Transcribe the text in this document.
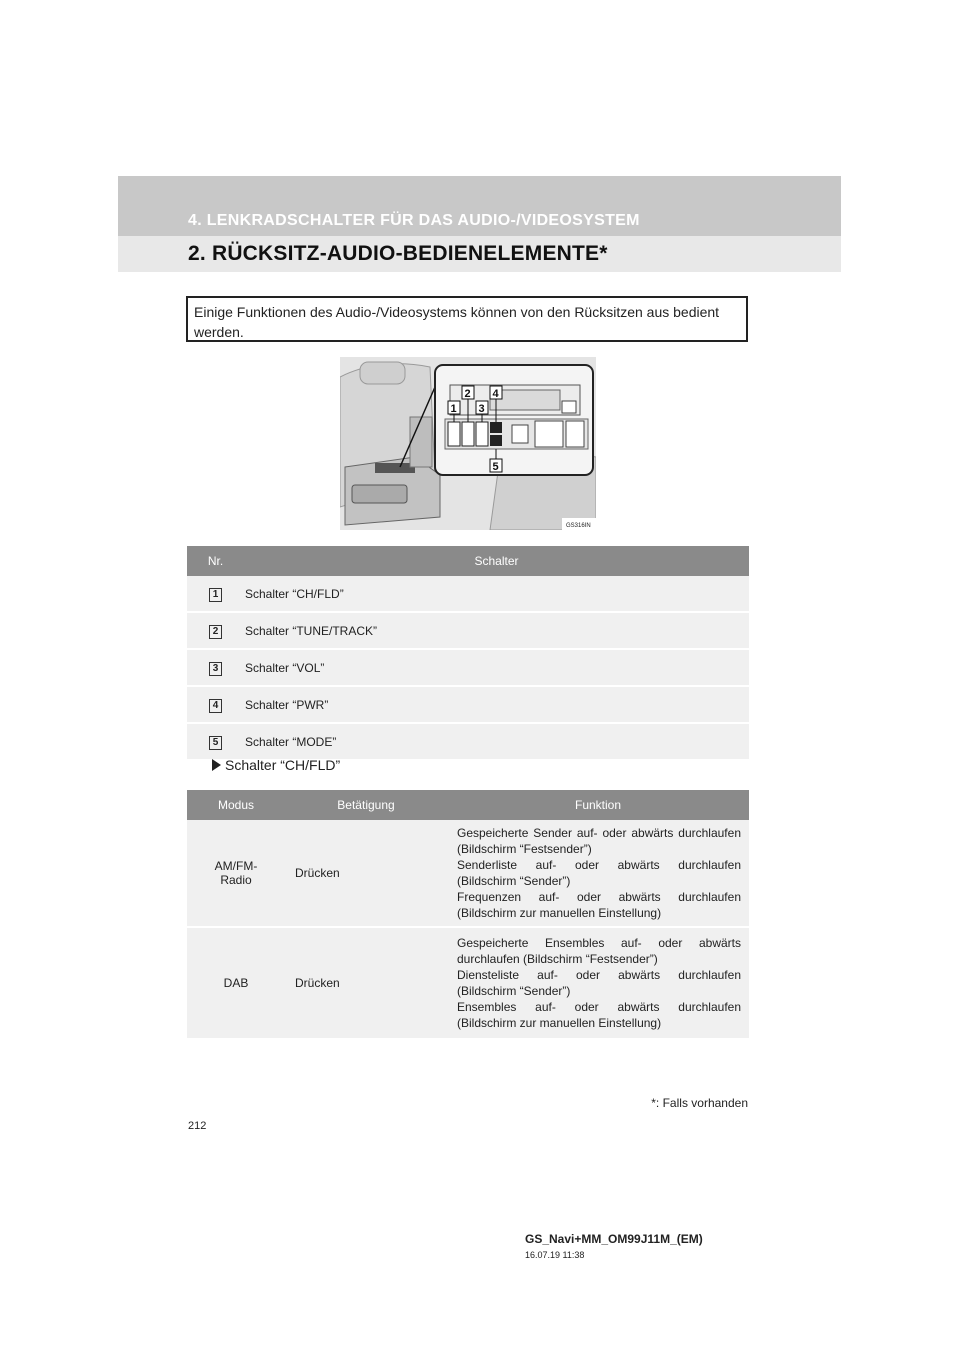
4. LENKRADSCHALTER FÜR DAS AUDIO-/VIDEOSYSTEM
2. RÜCKSITZ-AUDIO-BEDIENELEMENTE*
Einige Funktionen des Audio-/Videosystems können von den Rücksitzen aus bedient werden.
1
2
3
4
5
GS316IN
Nr.	Schalter
1	Schalter “CH/FLD”
2	Schalter “TUNE/TRACK”
3	Schalter “VOL”
4	Schalter “PWR”
5	Schalter “MODE”
Schalter “CH/FLD”
Modus	Betätigung	Funktion
AM/FM-Radio	Drücken	Gespeicherte Sender auf- oder abwärts durchlaufen (Bildschirm “Festsender”)
Senderliste auf- oder abwärts durchlaufen (Bildschirm “Sender”)
Frequenzen auf- oder abwärts durchlaufen (Bildschirm zur manuellen Einstellung)

DAB	Drücken	Gespeicherte Ensembles auf- oder abwärts durchlaufen (Bildschirm “Festsender”)
Diensteliste auf- oder abwärts durchlaufen (Bildschirm “Sender”)
Ensembles auf- oder abwärts durchlaufen (Bildschirm zur manuellen Einstellung)
*: Falls vorhanden
212
GS_Navi+MM_OM99J11M_(EM)
16.07.19 11:38
